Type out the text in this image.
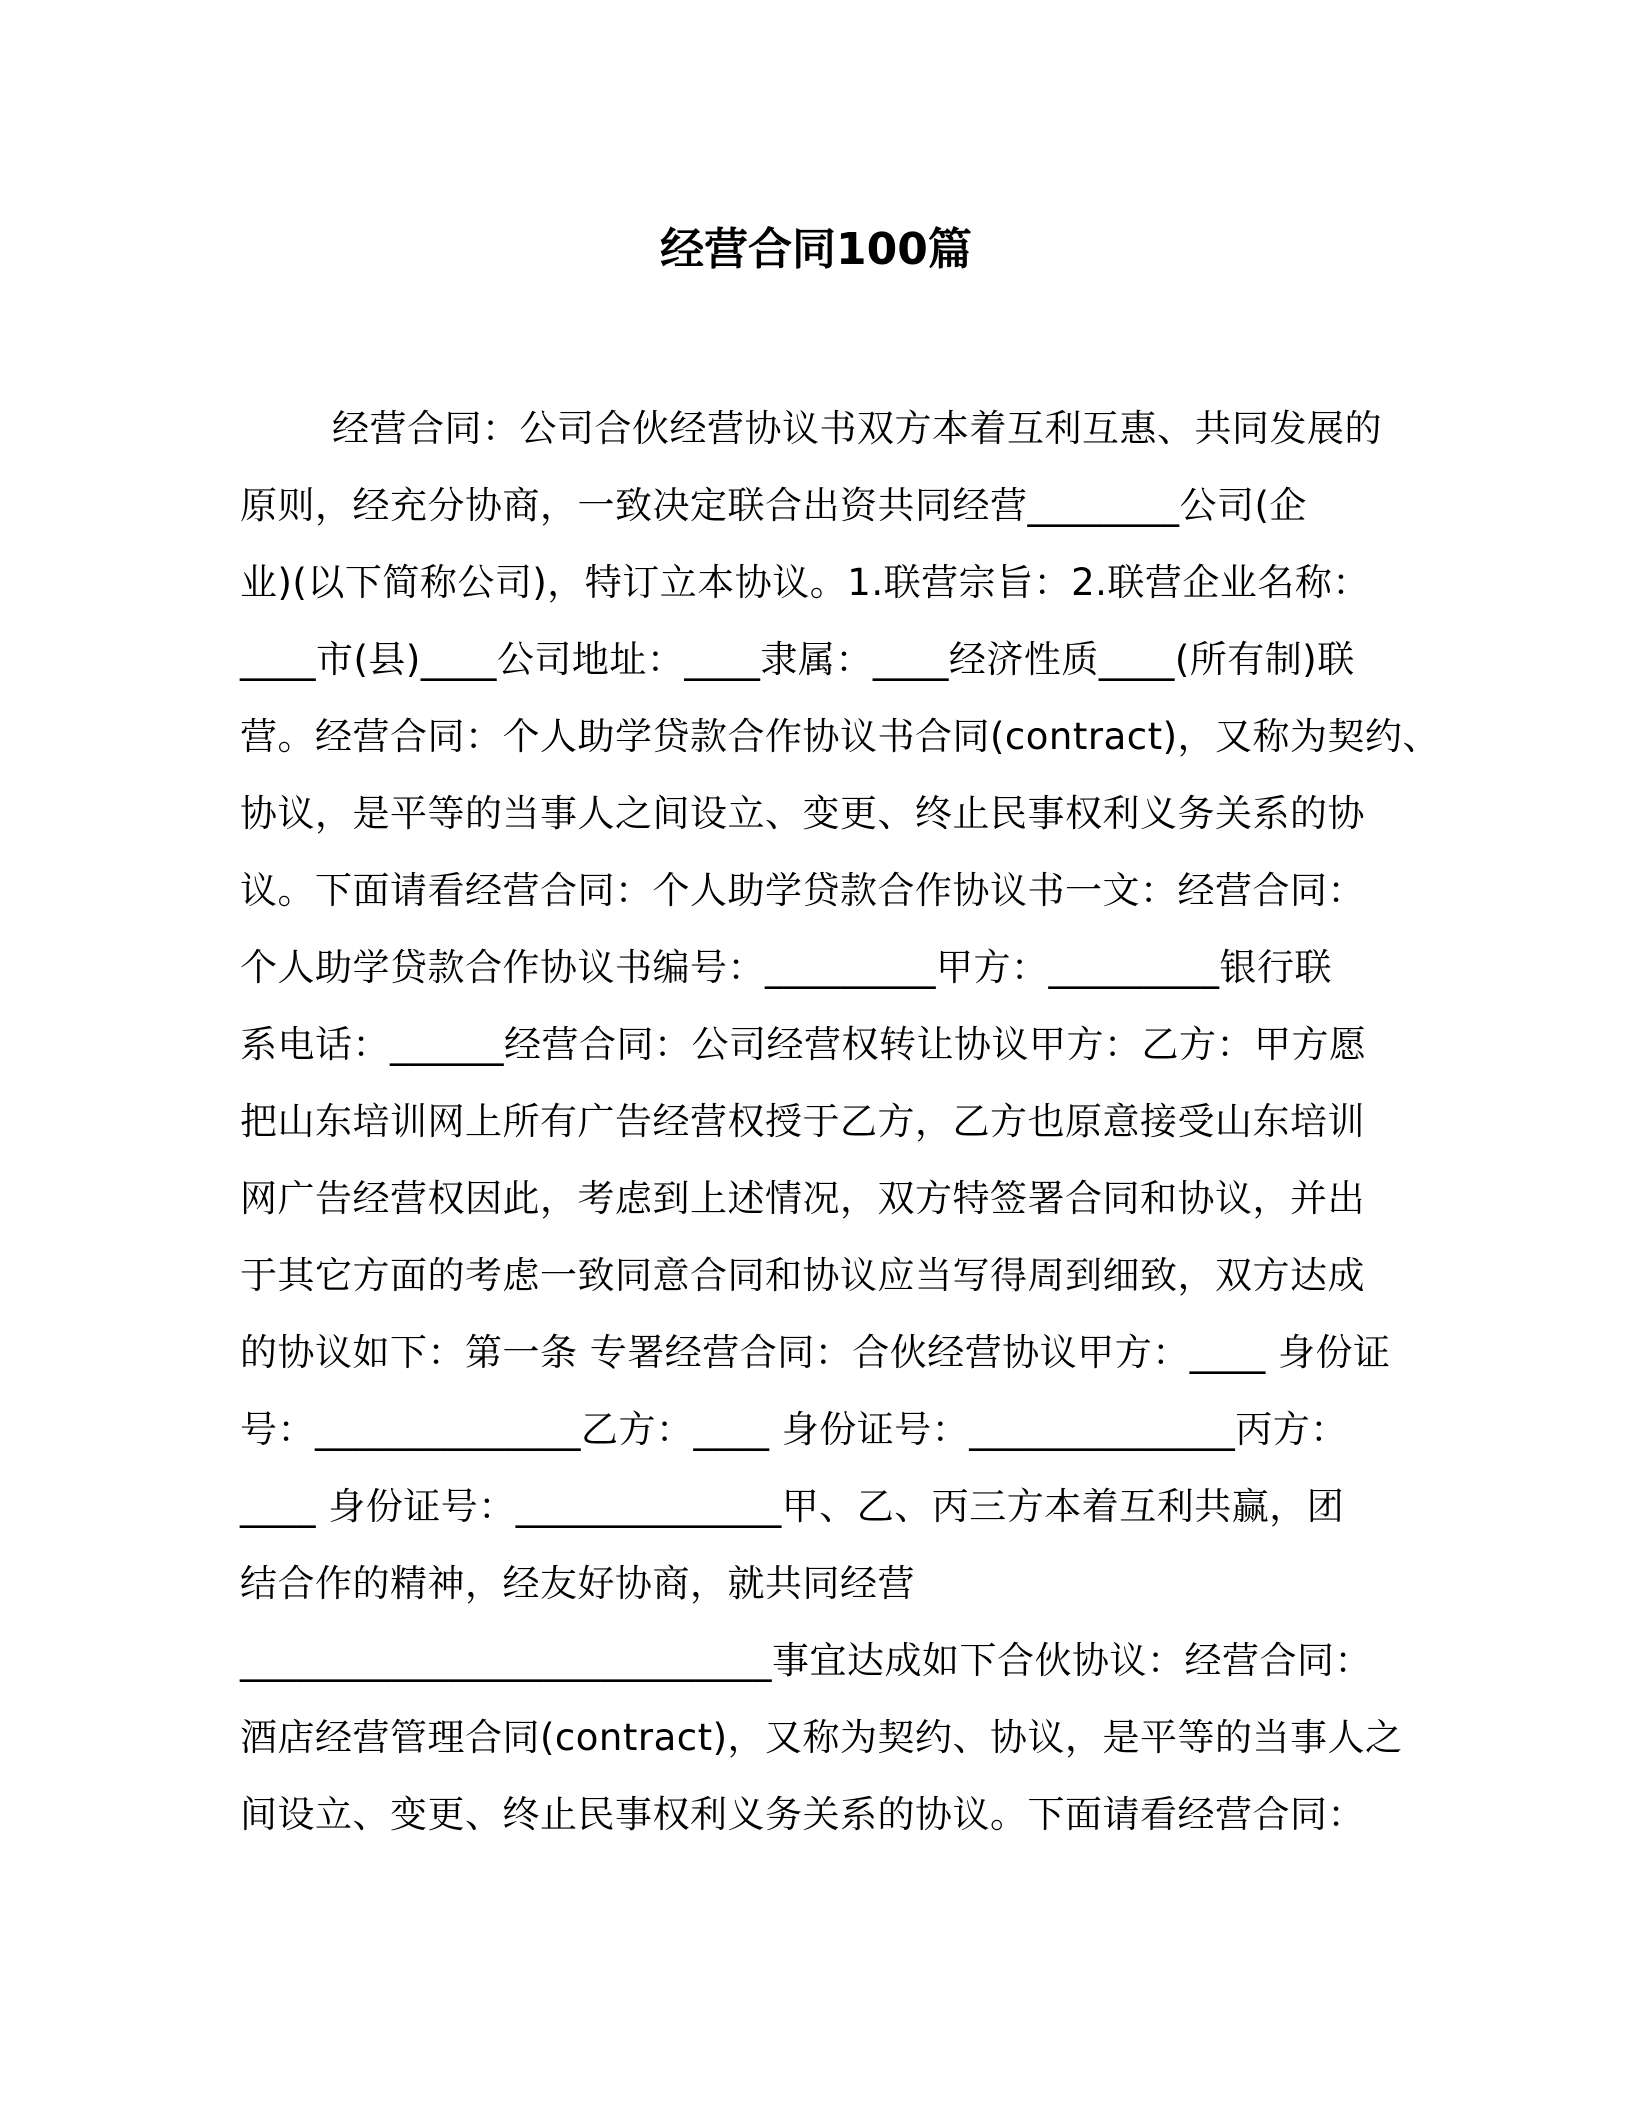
经营合同100篇
经营合同：公司合伙经营协议书双方本着互利互惠、共同发展的
原则，经充分协商，一致决定联合出资共同经营________公司(企
业)(以下简称公司)，特订立本协议。1.联营宗旨：2.联营企业名称：
____市(县)____公司地址：____隶属：____经济性质____(所有制)联
营。经营合同：个人助学贷款合作协议书合同(contract)，又称为契约、
协议，是平等的当事人之间设立、变更、终止民事权利义务关系的协
议。下面请看经营合同：个人助学贷款合作协议书一文：经营合同：
个人助学贷款合作协议书编号：_________甲方：_________银行联
系电话：______经营合同：公司经营权转让协议甲方：乙方：甲方愿
把山东培训网上所有广告经营权授于乙方，乙方也原意接受山东培训
网广告经营权因此，考虑到上述情况，双方特签署合同和协议，并出
于其它方面的考虑一致同意合同和协议应当写得周到细致，双方达成
的协议如下：第一条 专署经营合同：合伙经营协议甲方：____ 身份证
号：______________乙方：____ 身份证号：______________丙方：
____ 身份证号：______________甲、乙、丙三方本着互利共赢，团
结合作的精神，经友好协商，就共同经营
____________________________事宜达成如下合伙协议：经营合同：
酒店经营管理合同(contract)，又称为契约、协议，是平等的当事人之
间设立、变更、终止民事权利义务关系的协议。下面请看经营合同：
